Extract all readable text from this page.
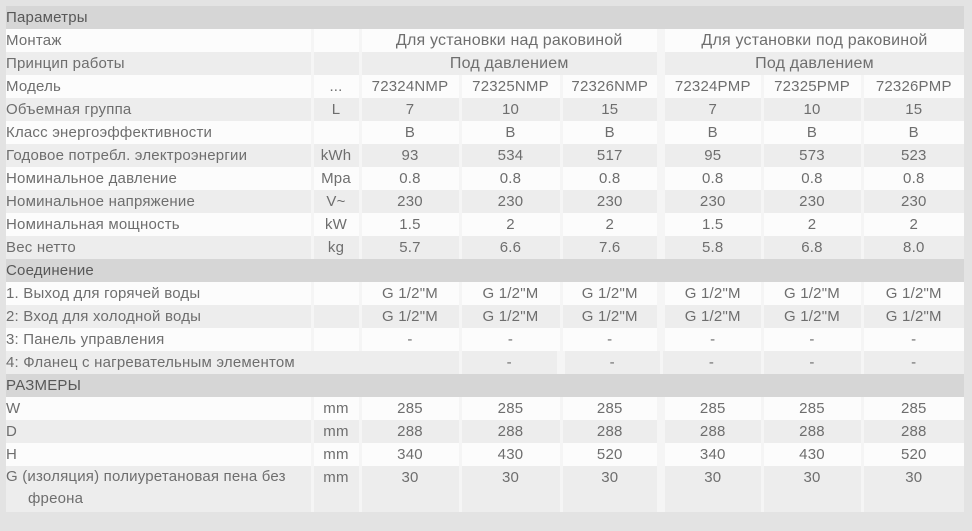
Параметры							
Монтаж		Для установки над раковиной			Для установки под раковиной		
Принцип работы		Под давлением			Под давлением		
Модель	...	72324NMP	72325NMP	72326NMP	72324PMP	72325PMP	72326PMP
Объемная группа	L	7	10	15	7	10	15
Класс энергоэффективности		B	B	B	B	B	B
Годовое потребл. электроэнергии	kWh	93	534	517	95	573	523
Номинальное давление	Mpa	0.8	0.8	0.8	0.8	0.8	0.8
Номинальное напряжение	V~	230	230	230	230	230	230
Номинальная мощность	kW	1.5	2	2	1.5	2	2
Вес нетто	kg	5.7	6.6	7.6	5.8	6.8	8.0
Соединение							
1. Выход для горячей воды		G 1/2"M	G 1/2"M	G 1/2"M	G 1/2"M	G 1/2"M	G 1/2"M
2: Вход для холодной воды		G 1/2"M	G 1/2"M	G 1/2"M	G 1/2"M	G 1/2"M	G 1/2"M
3: Панель управления		-	-	-	-	-	-
4: Фланец с нагревательным элементом			-	-	-	-	-
РАЗМЕРЫ							
W	mm	285	285	285	285	285	285
D	mm	288	288	288	288	288	288
H	mm	340	430	520	340	430	520

G (изоляция) полиуретановая пена без фреона	mm	30	30	30	30	30	30
